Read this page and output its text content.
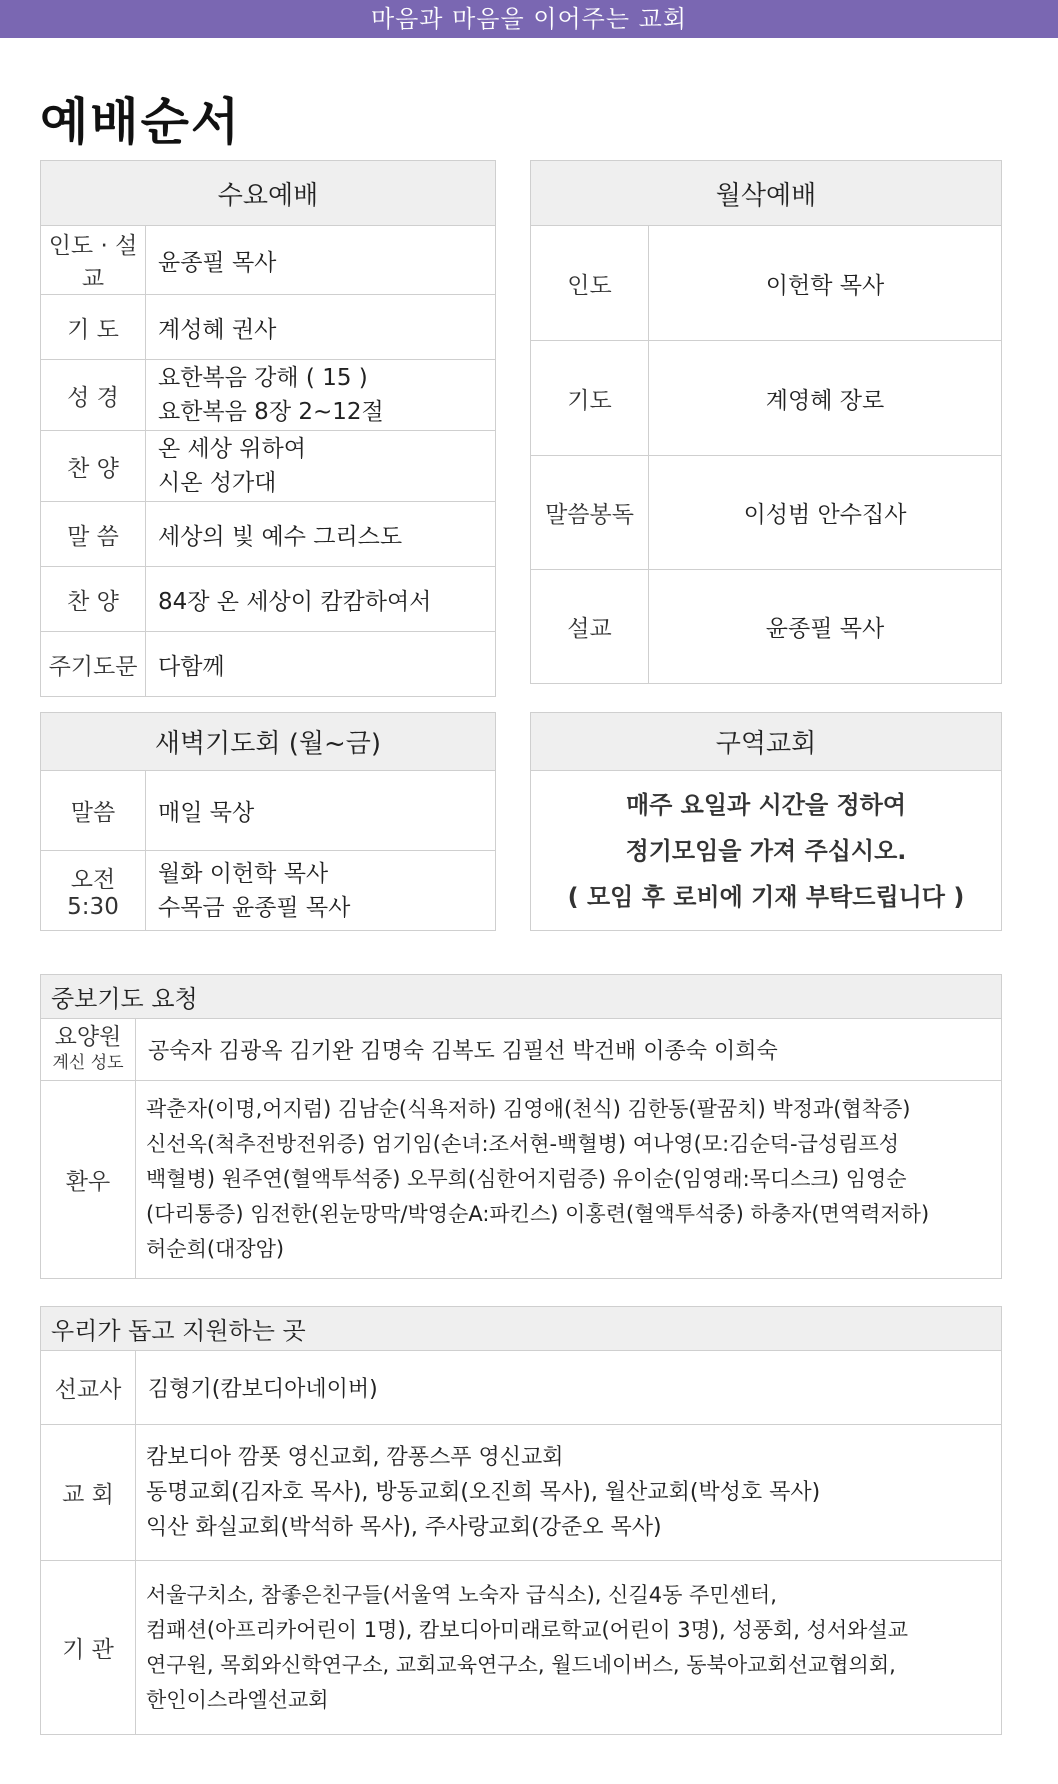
마음과 마음을 이어주는 교회
예배순서
수요예배	
인도 · 설교	윤종필 목사
기 도	계성혜 권사
성 경	요한복음 강해 ( 15 )
요한복음 8장 2~12절

찬 양	온 세상 위하여
시온 성가대

말 씀	세상의 빛 예수 그리스도
찬 양	84장 온 세상이 캄캄하여서
주기도문	다함께
월삭예배	
인도	이헌학 목사
기도	계영혜 장로
말씀봉독	이성범 안수집사
설교	윤종필 목사
새벽기도회 (월~금)	
말씀	매일 묵상
오전 5:30	월화 이헌학 목사
수목금 윤종필 목사
구역교회

매주 요일과 시간을 정하여
정기모임을 가져 주십시오.
( 모임 후 로비에 기재 부탁드립니다 )
중보기도 요청	
요양원
계신 성도	공숙자 김광옥 김기완 김명숙 김복도 김필선 박건배 이종숙 이희숙
환우	곽춘자(이명,어지럼) 김남순(식욕저하) 김영애(천식) 김한동(팔꿈치) 박정과(협착증)
신선옥(척추전방전위증) 엄기임(손녀:조서현-백혈병) 여나영(모:김순덕-급성림프성
백혈병) 원주연(혈액투석중) 오무희(심한어지럼증) 유이순(임영래:목디스크) 임영순
(다리통증) 임전한(왼눈망막/박영순A:파킨스) 이홍련(혈액투석중) 하충자(면역력저하)
허순희(대장암)
우리가 돕고 지원하는 곳	
선교사	김형기(캄보디아네이버)
교 회	캄보디아 깜폿 영신교회, 깜퐁스푸 영신교회
동명교회(김자호 목사), 방동교회(오진희 목사), 월산교회(박성호 목사)
익산 화실교회(박석하 목사), 주사랑교회(강준오 목사)

기 관	서울구치소, 참좋은친구들(서울역 노숙자 급식소), 신길4동 주민센터,
컴패션(아프리카어린이 1명), 캄보디아미래로학교(어린이 3명), 성풍회, 성서와설교
연구원, 목회와신학연구소, 교회교육연구소, 월드네이버스, 동북아교회선교협의회,
한인이스라엘선교회
